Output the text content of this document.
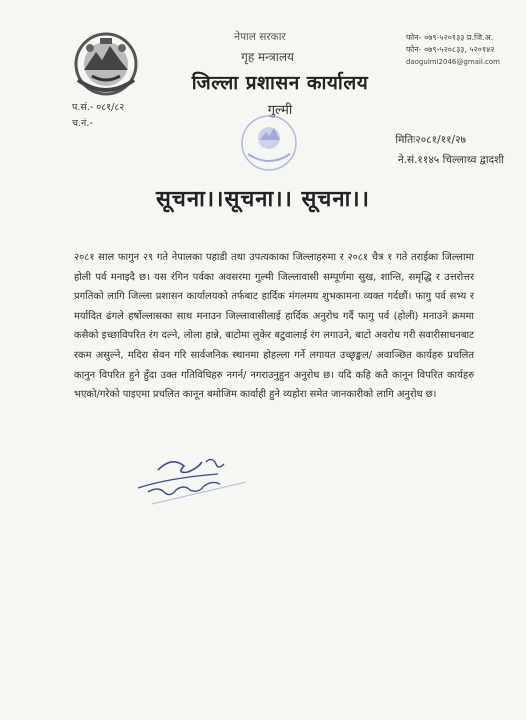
नेपाल सरकार
गृह मन्त्रालय
जिल्ला प्रशासन कार्यालय
गुल्मी
फोन- ०७९-५२०१३३ प्र.जि.अ.
फोन- ०७९-५२०८३३, ५२०१४२
daogulmi2046@gmail.com
प.सं.- ०८१/८२
च.नं.-
मितिः२०८१/११/२७
ने.सं.११४५ चिल्लाथ्व द्वादशी
सूचना।।सूचना।। सूचना।।
२०८१ साल फागुन २९ गते नेपालका पहाडी तथा उपत्यकाका जिल्लाहरुमा र २०८१ चैत्र १ गते तराईका जिल्लामा होली पर्व मनाइदै छ। यस रंगिन पर्वका अवसरमा गुल्मी जिल्लावासी सम्पूर्णमा सुख, शान्ति, समृद्धि र उत्तरोत्तर प्रगतिको लागि जिल्ला प्रशासन कार्यालयको तर्फबाट हार्दिक मंगलमय शुभकामना व्यक्त गर्दछौं। फागु पर्व सभ्य र मर्यादित ढंगले हर्षोल्लासका साथ मनाउन जिल्लावासीलाई हार्दिक अनुरोध गर्दै फागु पर्व (होली) मनाउने क्रममा कसैको इच्छाविपरित रंग दल्ने, लोला हान्ने, बाटोमा लुकेर बटुवालाई रंग लगाउने, बाटो अवरोध गरी सवारीसाधनबाट रकम असुल्ने, मदिरा सेवन गरि सार्वजनिक स्थानमा होहल्ला गर्ने लगायत उच्छृङ्खल/ अवाञ्छित कार्यहरु प्रचलित कानुन विपरित हुने हुँदा उक्त गतिविधिहरु नगर्न/ नगराउनुहुन अनुरोध छ। यदि कहि कतै कानून विपरित कार्यहरु भएको/गरेको पाइएमा प्रचलित कानून बमोजिम कार्वाही हुने व्यहोरा समेत जानकारीको लागि अनुरोध छ।
